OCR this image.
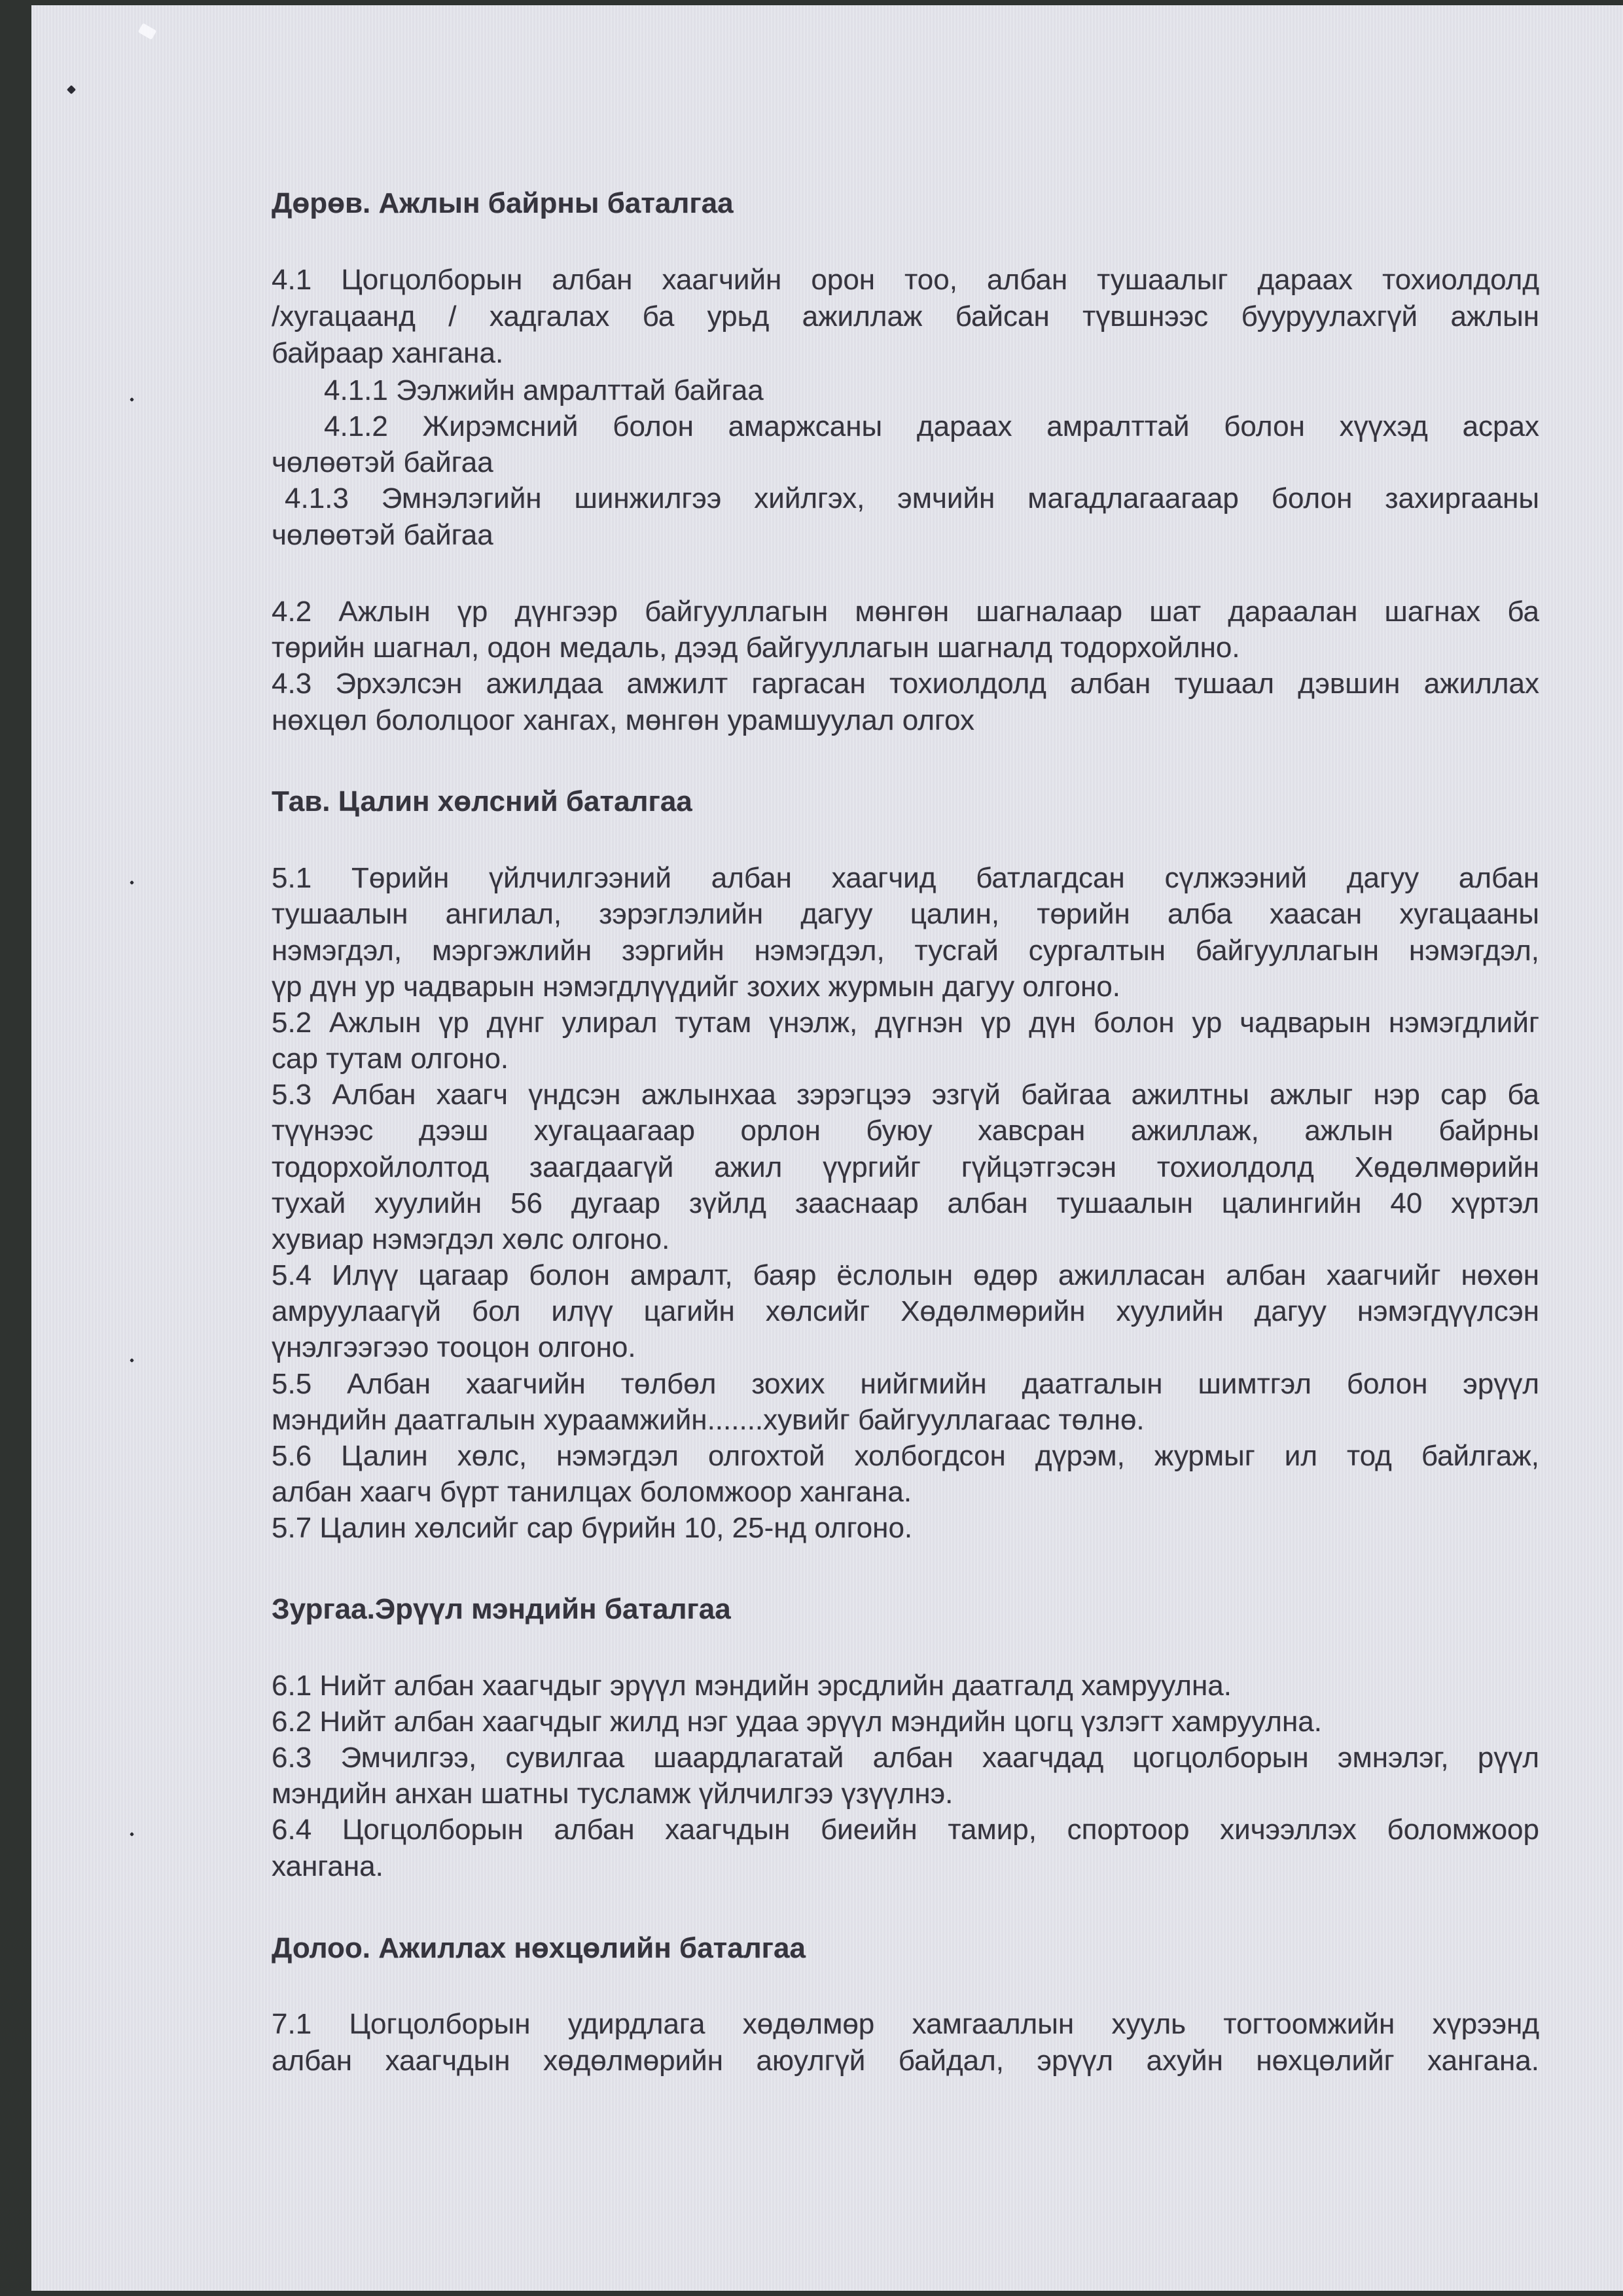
Дөрөв. Ажлын байрны баталгаа
4.1 Цогцолборын албан хаагчийн орон тоо, албан тушаалыг дараах тохиолдолд
/хугацаанд / хадгалах ба урьд ажиллаж байсан түвшнээс бууруулахгүй ажлын
байраар хангана.
4.1.1 Ээлжийн амралттай байгаа
4.1.2 Жирэмсний болон амаржсаны дараах амралттай болон хүүхэд асрах
чөлөөтэй байгаа
4.1.3 Эмнэлэгийн шинжилгээ хийлгэх, эмчийн магадлагаагаар болон захиргааны
чөлөөтэй байгаа
4.2 Ажлын үр дүнгээр байгууллагын мөнгөн шагналаар шат дараалан шагнах ба
төрийн шагнал, одон медаль, дээд байгууллагын шагналд тодорхойлно.
4.3 Эрхэлсэн ажилдаа амжилт гаргасан тохиолдолд албан тушаал дэвшин ажиллах
нөхцөл бололцоог хангах, мөнгөн урамшуулал олгох
Тав. Цалин хөлсний баталгаа
5.1 Төрийн үйлчилгээний албан хаагчид батлагдсан сүлжээний дагуу албан
тушаалын ангилал, зэрэглэлийн дагуу цалин, төрийн алба хаасан хугацааны
нэмэгдэл, мэргэжлийн зэргийн нэмэгдэл, тусгай сургалтын байгууллагын нэмэгдэл,
үр дүн ур чадварын нэмэгдлүүдийг зохих журмын дагуу олгоно.
5.2 Ажлын үр дүнг улирал тутам үнэлж, дүгнэн үр дүн болон ур чадварын нэмэгдлийг
сар тутам олгоно.
5.3 Албан хаагч үндсэн ажлынхаа зэрэгцээ эзгүй байгаа ажилтны ажлыг нэр сар ба
түүнээс дээш хугацаагаар орлон буюу хавсран ажиллаж, ажлын байрны
тодорхойлолтод заагдаагүй ажил үүргийг гүйцэтгэсэн тохиолдолд Хөдөлмөрийн
тухай хуулийн 56 дугаар зүйлд зааснаар албан тушаалын цалингийн 40 хүртэл
хувиар нэмэгдэл хөлс олгоно.
5.4 Илүү цагаар болон амралт, баяр ёслолын өдөр ажилласан албан хаагчийг нөхөн
амруулаагүй бол илүү цагийн хөлсийг Хөдөлмөрийн хуулийн дагуу нэмэгдүүлсэн
үнэлгээгээо тооцон олгоно.
5.5 Албан хаагчийн төлбөл зохих нийгмийн даатгалын шимтгэл болон эрүүл
мэндийн даатгалын хураамжийн.......хувийг байгууллагаас төлнө.
5.6 Цалин хөлс, нэмэгдэл олгохтой холбогдсон дүрэм, журмыг ил тод байлгаж,
албан хаагч бүрт танилцах боломжоор хангана.
5.7 Цалин хөлсийг сар бүрийн 10, 25-нд олгоно.
Зургаа.Эрүүл мэндийн баталгаа
6.1 Нийт албан хаагчдыг эрүүл мэндийн эрсдлийн даатгалд хамруулна.
6.2 Нийт албан хаагчдыг жилд нэг удаа эрүүл мэндийн цогц үзлэгт хамруулна.
6.3 Эмчилгээ, сувилгаа шаардлагатай албан хаагчдад цогцолборын эмнэлэг, рүүл
мэндийн анхан шатны тусламж үйлчилгээ үзүүлнэ.
6.4 Цогцолборын албан хаагчдын биеийн тамир, спортоор хичээллэх боломжоор
хангана.
Долоо. Ажиллах нөхцөлийн баталгаа
7.1 Цогцолборын удирдлага хөдөлмөр хамгааллын хууль тогтоомжийн хүрээнд
албан хаагчдын хөдөлмөрийн аюулгүй байдал, эрүүл ахуйн нөхцөлийг хангана.
